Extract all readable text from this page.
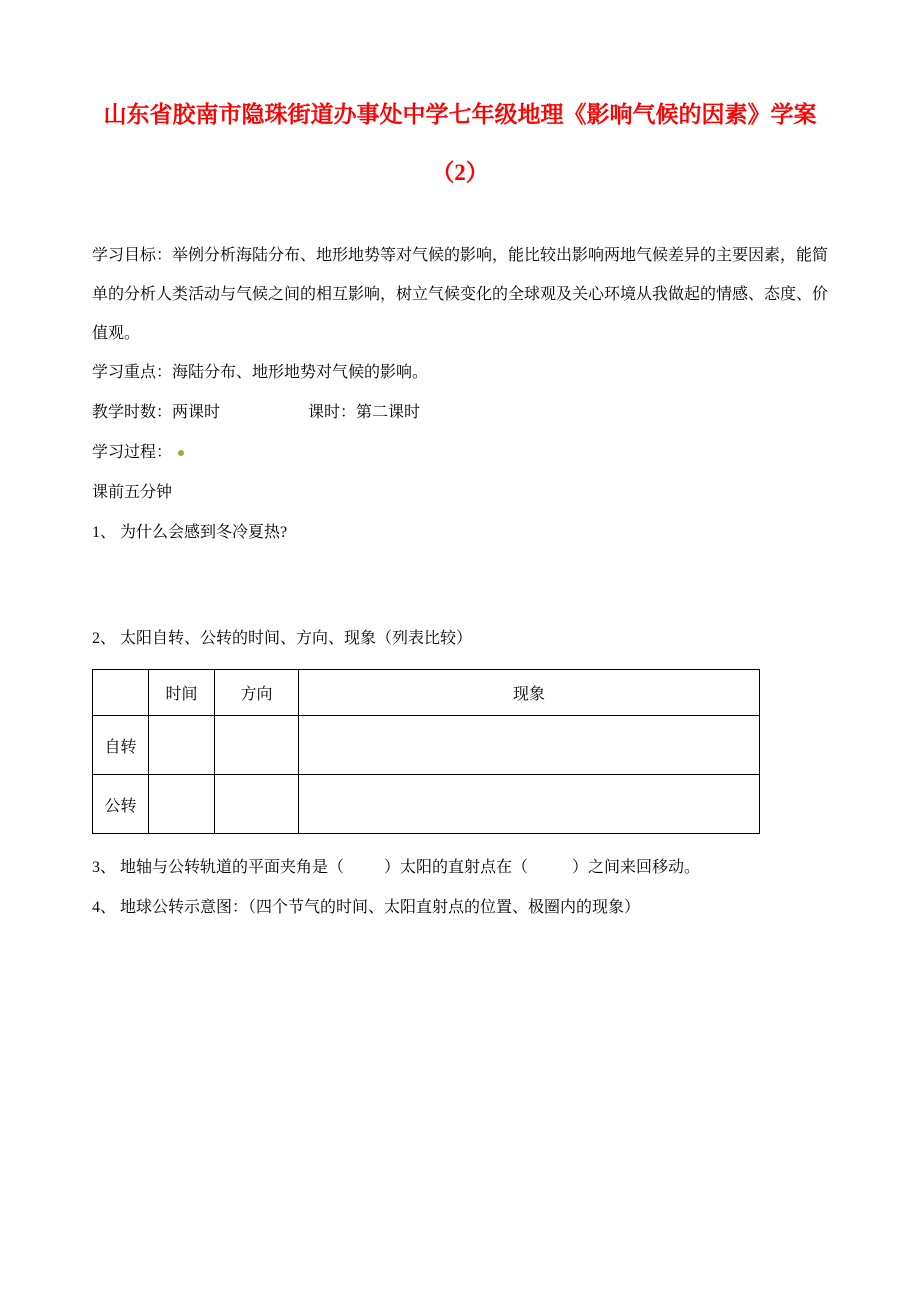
山东省胶南市隐珠街道办事处中学七年级地理《影响气候的因素》学案

（2）

学习目标：举例分析海陆分布、地形地势等对气候的影响，能比较出影响两地气候差异的主要因素，能简单的分析人类活动与气候之间的相互影响，树立气候变化的全球观及关心环境从我做起的情感、态度、价值观。

学习重点：海陆分布、地形地势对气候的影响。

教学时数：两课时	课时：第二课时

学习过程：

课前五分钟

1、 为什么会感到冬冷夏热?

2、 太阳自转、公转的时间、方向、现象（列表比较）

	时间	方向	现象
自转			
公转			

3、 地轴与公转轨道的平面夹角是（          ）太阳的直射点在（           ）之间来回移动。

4、 地球公转示意图：（四个节气的时间、太阳直射点的位置、极圈内的现象）
